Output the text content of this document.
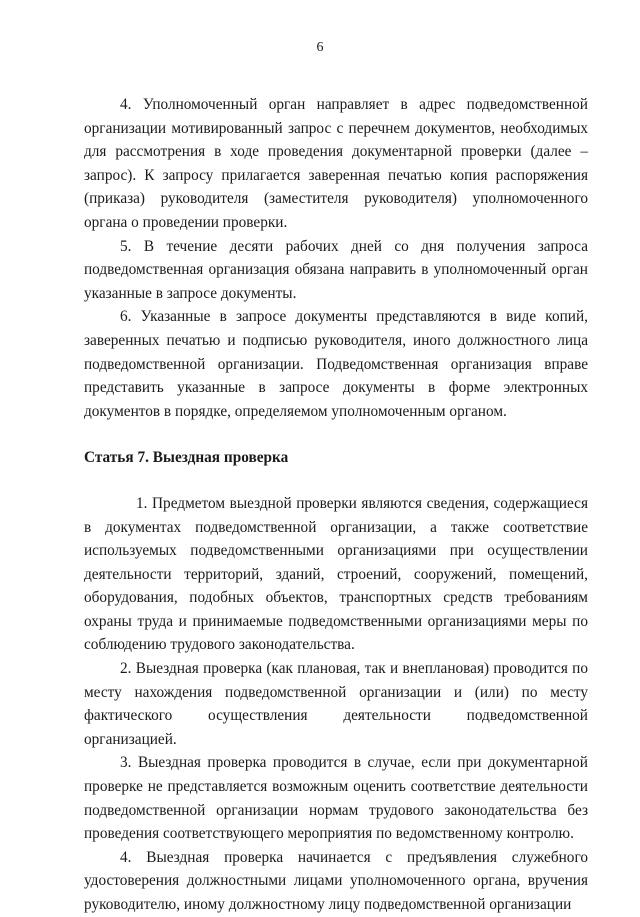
6

4. Уполномоченный орган направляет в адрес подведомственной организации мотивированный запрос с перечнем документов, необходимых для рассмотрения в ходе проведения документарной проверки (далее – запрос). К запросу прилагается заверенная печатью копия распоряжения (приказа) руководителя (заместителя руководителя) уполномоченного органа о проведении проверки.

5. В течение десяти рабочих дней со дня получения запроса подведомственная организация обязана направить в уполномоченный орган указанные в запросе документы.

6. Указанные в запросе документы представляются в виде копий, заверенных печатью и подписью руководителя, иного должностного лица подведомственной организации. Подведомственная организация вправе представить указанные в запросе документы в форме электронных документов в порядке, определяемом уполномоченным органом.

Статья 7. Выездная проверка

1. Предметом выездной проверки являются сведения, содержащиеся в документах подведомственной организации, а также соответствие используемых подведомственными организациями при осуществлении деятельности территорий, зданий, строений, сооружений, помещений, оборудования, подобных объектов, транспортных средств требованиям охраны труда и принимаемые подведомственными организациями меры по соблюдению трудового законодательства.

2. Выездная проверка (как плановая, так и внеплановая) проводится по месту нахождения подведомственной организации и (или) по месту фактического осуществления деятельности подведомственной организацией.

3. Выездная проверка проводится в случае, если при документарной проверке не представляется возможным оценить соответствие деятельности подведомственной организации нормам трудового законодательства без проведения соответствующего мероприятия по ведомственному контролю.

4. Выездная проверка начинается с предъявления служебного удостоверения должностными лицами уполномоченного органа, вручения руководителю, иному должностному лицу подведомственной организации
